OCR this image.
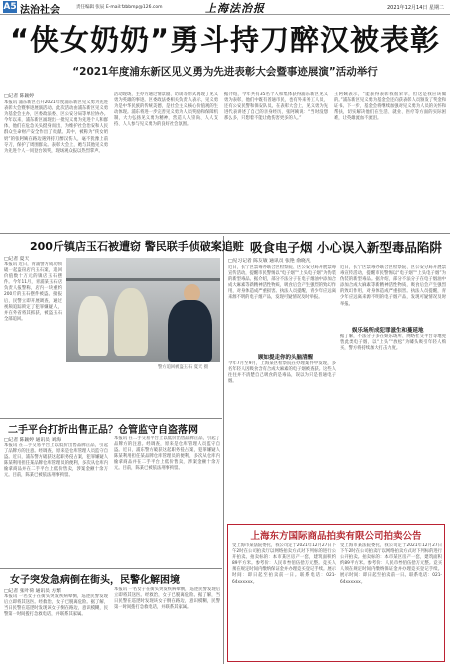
A5 法治社会	责任编辑 张辰 E-mail:fzbbmp@126.com	上海法治报	2021年12月14日 星期二
“侠女奶奶”勇斗持刀醉汉被表彰
“2021年度浦东新区见义勇为先进表彰大会暨事迹展演”活动举行
□记者 陈颖婷
本报讯 浦东新区召开2021年度浦东新区见义勇为先进表彰大会暨事迹展演活动。此次活动由浦东新区见义勇为基金会主办，区委政法委、区公安分局等单位协办。今年以来，浦东新区涌现出一批见义勇为先进个人和群体，他们在危急关头挺身而出，为维护社会治安和人民群众生命财产安全作出了贡献。其中，被称为“侠女奶奶”的张阿姨在路边遇到持刀醉汉伤人，毫不犹豫上前夺刀，保护了周围群众。表彰大会上，她与其他见义勇为先进个人一同登台领奖，现场观众报以热烈掌声。
活动现场，主办方通过情景剧、访谈等形式再现了见义勇为英雄的事迹。区委政法委相关负责人表示，见义勇为是中华民族的传统美德，是社会主义核心价值观的生动体现。浦东将进一步完善见义勇为人员奖励和保障机制，大力弘扬见义勇为精神，营造人人崇尚、人人支持、人人参与见义勇为的良好社会氛围。
据介绍，今年共有35名个人和集体获得浦东新区见义勇为表彰，他们中既有普通市民，也有外来务工人员，还有公安民警和保安队员。在表彰大会上，见义勇为先进代表讲述了自己的亲身经历，张阿姨说：“当时没想那么多，只想着不能让他伤害更多的人。”
王阿姨表示，“能获得表彰我很荣幸，但这是我应该做的。”浦东新区见义勇为基金会还向获表彰人员颁发了奖金和证书。下一步，基金会将继续加强对见义勇为人员的关怀和帮扶，切实解决他们在生活、就业、医疗等方面的实际困难，让英雄流血不流泪。
200斤镇店玉石被遭窃 警民联手侦破案追赃
□记者 夏天
本报讯 近日，青浦警方成功侦破一起盗窃店内玉石案，追回价值数十万元的镇店玉石摆件。今年11月，青浦某玉石店负责人报警称，店内一块重约200斤的玉石摆件被盗。接报后，民警立即开展调查，通过视频追踪锁定了犯罪嫌疑人，并在外省将其抓获，被盗玉石全部追回。
警方追回被盗玉石 夏天 摄
吸食电子烟 小心误入新型毒品陷阱
□见习记者 陈友敏 通讯员 张艳 俞晓凡
近日，长宁区禁毒办联合区检察院、区公安分局开展禁毒宣传活动，提醒市民警惕以“电子烟”“上头电子烟”为伪装的新型毒品。据介绍，部分不法分子在电子烟油中添加合成大麻素等新精神活性物质，吸食后会产生强烈的致幻作用，对身体造成严重损害。执法人员提醒，青少年应远离来源不明的电子烟产品，发现可疑情况及时举报。
顾如提走你的头脑清醒
今年7月至9月，上海某区检察院在办理案件中发现，多名年轻人因吸食含有合成大麻素的电子烟被查获。这些人往往并不清楚自己吸食的是毒品，误以为只是普通电子烟。
近日，长宁区禁毒办联合区检察院、区公安分局开展禁毒宣传活动，提醒市民警惕以“电子烟”“上头电子烟”为伪装的新型毒品。据介绍，部分不法分子在电子烟油中添加合成大麻素等新精神活性物质，吸食后会产生强烈的致幻作用，对身体造成严重损害。执法人员提醒，青少年应远离来源不明的电子烟产品，发现可疑情况及时举报。
娱乐场所成犯罪滋生和蔓延地
据了解，不法分子多在娱乐场所、网络社交平台等地兜售此类电子烟，以“上头”“放松”为噱头吸引年轻人购买，警方将持续加大打击力度。
二手平台打折出售正品？仓管监守自盗落网
□记者 陈颖婷 通讯员 刘海
本报讯 在二手交易平台上以低价出售品牌正品，引起了品牌方的注意。经调查，原来是仓库管理人员监守自盗。近日，浦东警方破获这起职务侵占案，犯罪嫌疑人陈某利用担任某品牌仓库管理员的便利，多次从仓库内偷拿商品并在二手平台上低价售卖，涉案金额十余万元。目前，陈某已被依法刑事拘留。
本报讯 在二手交易平台上以低价出售品牌正品，引起了品牌方的注意。经调查，原来是仓库管理人员监守自盗。近日，浦东警方破获这起职务侵占案，犯罪嫌疑人陈某利用担任某品牌仓库管理员的便利，多次从仓库内偷拿商品并在二手平台上低价售卖，涉案金额十余万元。目前，陈某已被依法刑事拘留。
女子突发急病倒在街头，民警化解困境
□记者 张叶荷 通讯员 方繁
本报讯 一名女子在街头突发疾病晕倒，巡逻民警发现后立即将其送医。经救治，女子已脱离危险。据了解，当日民警在巡逻时发现该女子倒在路边，意识模糊，民警第一时间拨打急救电话，并联系其家属。
本报讯 一名女子在街头突发疾病晕倒，巡逻民警发现后立即将其送医。经救治，女子已脱离危险。据了解，当日民警在巡逻时发现该女子倒在路边，意识模糊，民警第一时间拨打急救电话，并联系其家属。
上海东方国际商品拍卖有限公司拍卖公告
受上海市某法院委托，我公司定于2021年12月27日下午2时在公司拍卖厅以网络拍卖方式对下列标的进行公开拍卖。拍卖标的：本市某区房产一套，建筑面积约89平方米。参考价：人民币叁佰伍拾万元整。竞买人须在规定时间内缴纳保证金并办理竞买登记手续。展示时间：即日起至拍卖前一日。联系电话：021-64xxxxxx。
受上海市某法院委托，我公司定于2021年12月27日下午2时在公司拍卖厅以网络拍卖方式对下列标的进行公开拍卖。拍卖标的：本市某区房产一套，建筑面积约89平方米。参考价：人民币叁佰伍拾万元整。竞买人须在规定时间内缴纳保证金并办理竞买登记手续。展示时间：即日起至拍卖前一日。联系电话：021-64xxxxxx。
